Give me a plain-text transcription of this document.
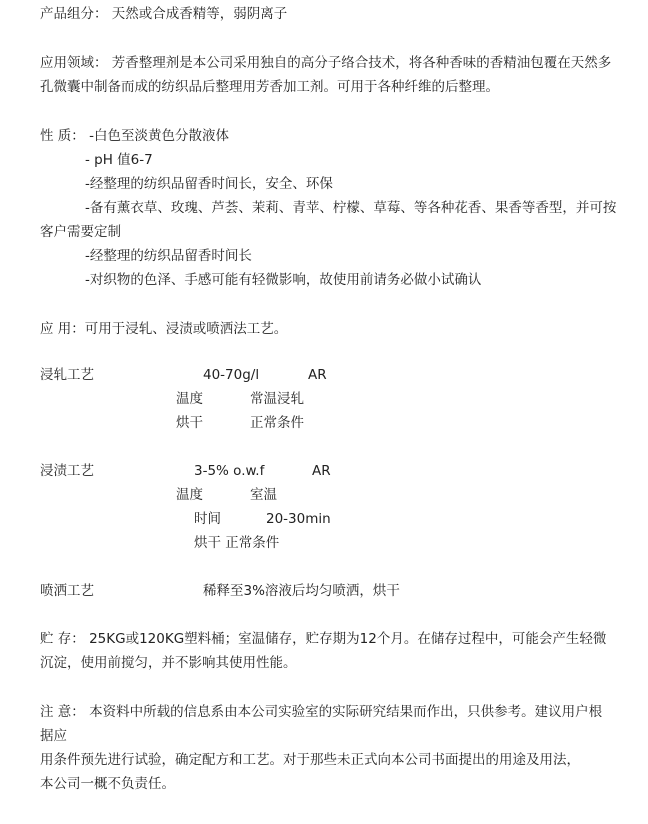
产品组分： 天然或合成香精等，弱阴离子
应用领域： 芳香整理剂是本公司采用独自的高分子络合技术，将各种香味的香精油包覆在天然多
孔微囊中制备而成的纺织品后整理用芳香加工剂。可用于各种纤维的后整理。
性 质： -白色至淡黄色分散液体
- pH 值6-7
-经整理的纺织品留香时间长，安全、环保
-备有薰衣草、玫瑰、芦荟、茉莉、青苹、柠檬、草莓、等各种花香、果香等香型，并可按
客户需要定制
-经整理的纺织品留香时间长
-对织物的色泽、手感可能有轻微影响，故使用前请务必做小试确认
应 用：可用于浸轧、浸渍或喷洒法工艺。
浸轧工艺	40-70g/l	AR
温度	常温浸轧
烘干	正常条件
浸渍工艺	3-5% o.w.f	AR
温度	室温
时间	20-30min
烘干 正常条件
喷洒工艺	稀释至3%溶液后均匀喷洒，烘干
贮 存： 25KG或120KG塑料桶；室温储存，贮存期为12个月。在储存过程中，可能会产生轻微
沉淀，使用前搅匀，并不影响其使用性能。
注 意： 本资料中所载的信息系由本公司实验室的实际研究结果而作出，只供参考。建议用户根
据应
用条件预先进行试验，确定配方和工艺。对于那些未正式向本公司书面提出的用途及用法，
本公司一概不负责任。
